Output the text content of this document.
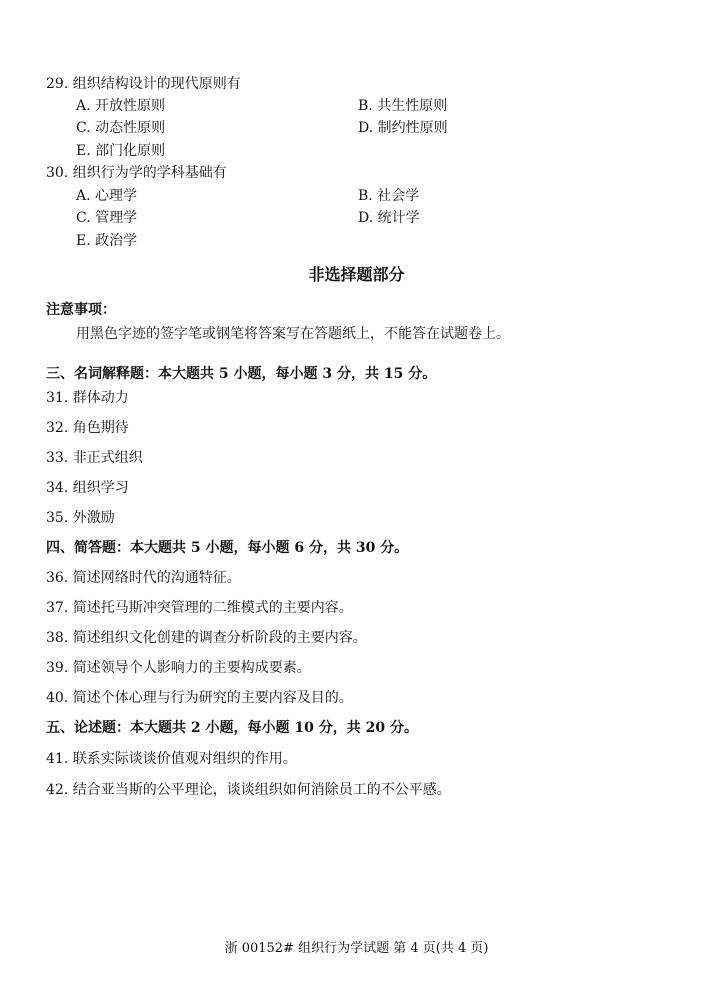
29. 组织结构设计的现代原则有
A. 开放性原则	B. 共生性原则
C. 动态性原则	D. 制约性原则
E. 部门化原则
30. 组织行为学的学科基础有
A. 心理学	B. 社会学
C. 管理学	D. 统计学
E. 政治学
非选择题部分
注意事项：
用黑色字迹的签字笔或钢笔将答案写在答题纸上，不能答在试题卷上。
三、名词解释题：本大题共 5 小题，每小题 3 分，共 15 分。
31. 群体动力
32. 角色期待
33. 非正式组织
34. 组织学习
35. 外激励
四、简答题：本大题共 5 小题，每小题 6 分，共 30 分。
36. 简述网络时代的沟通特征。
37. 简述托马斯冲突管理的二维模式的主要内容。
38. 简述组织文化创建的调查分析阶段的主要内容。
39. 简述领导个人影响力的主要构成要素。
40. 简述个体心理与行为研究的主要内容及目的。
五、论述题：本大题共 2 小题，每小题 10 分，共 20 分。
41. 联系实际谈谈价值观对组织的作用。
42. 结合亚当斯的公平理论，谈谈组织如何消除员工的不公平感。
浙 00152# 组织行为学试题 第 4 页(共 4 页)
